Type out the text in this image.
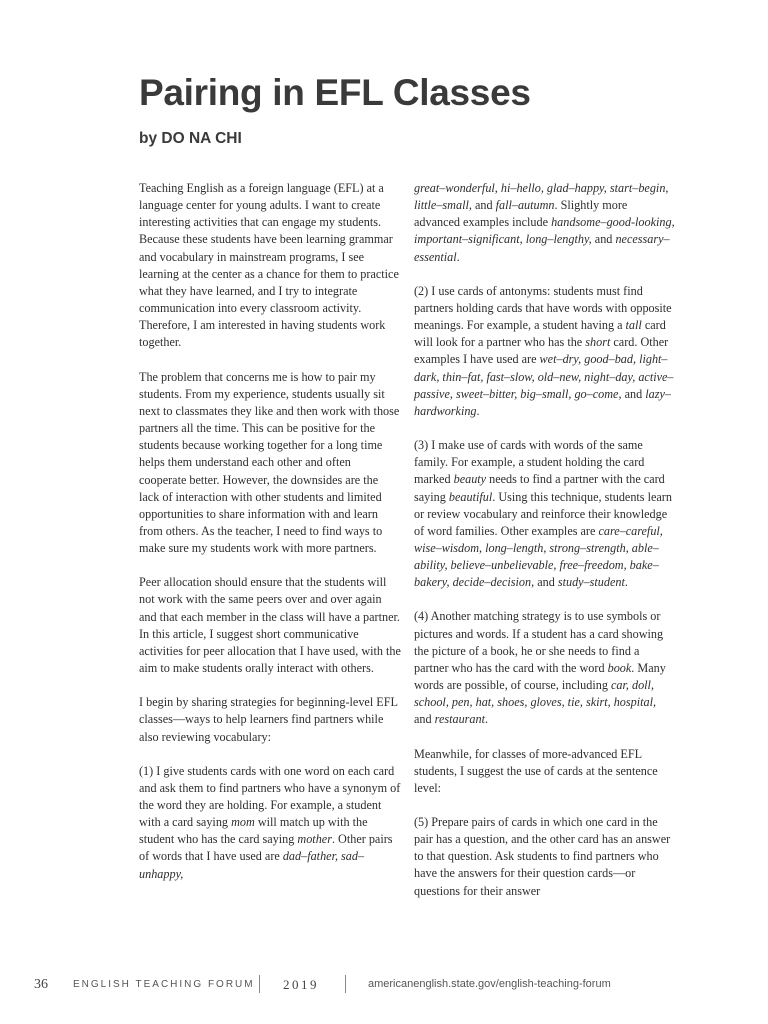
Pairing in EFL Classes
by DO NA CHI

Teaching English as a foreign language (EFL) at a language center for young adults. I want to create interesting activities that can engage my students. Because these students have been learning grammar and vocabulary in mainstream programs, I see learning at the center as a chance for them to practice what they have learned, and I try to integrate communication into every classroom activity. Therefore, I am interested in having students work together.

The problem that concerns me is how to pair my students. From my experience, students usually sit next to classmates they like and then work with those partners all the time. This can be positive for the students because working together for a long time helps them understand each other and often cooperate better. However, the downsides are the lack of interaction with other students and limited opportunities to share information with and learn from others. As the teacher, I need to find ways to make sure my students work with more partners.

Peer allocation should ensure that the students will not work with the same peers over and over again and that each member in the class will have a partner. In this article, I suggest short communicative activities for peer allocation that I have used, with the aim to make students orally interact with others.

I begin by sharing strategies for beginning-level EFL classes—ways to help learners find partners while also reviewing vocabulary:

(1) I give students cards with one word on each card and ask them to find partners who have a synonym of the word they are holding. For example, a student with a card saying mom will match up with the student who has the card saying mother. Other pairs of words that I have used are dad–father, sad–unhappy,

great–wonderful, hi–hello, glad–happy, start–begin, little–small, and fall–autumn. Slightly more advanced examples include handsome–good-looking, important–significant, long–lengthy, and necessary–essential.

(2) I use cards of antonyms: students must find partners holding cards that have words with opposite meanings. For example, a student having a tall card will look for a partner who has the short card. Other examples I have used are wet–dry, good–bad, light–dark, thin–fat, fast–slow, old–new, night–day, active–passive, sweet–bitter, big–small, go–come, and lazy–hardworking.

(3) I make use of cards with words of the same family. For example, a student holding the card marked beauty needs to find a partner with the card saying beautiful. Using this technique, students learn or review vocabulary and reinforce their knowledge of word families. Other examples are care–careful, wise–wisdom, long–length, strong–strength, able–ability, believe–unbelievable, free–freedom, bake–bakery, decide–decision, and study–student.

(4) Another matching strategy is to use symbols or pictures and words. If a student has a card showing the picture of a book, he or she needs to find a partner who has the card with the word book. Many words are possible, of course, including car, doll, school, pen, hat, shoes, gloves, tie, skirt, hospital, and restaurant.

Meanwhile, for classes of more-advanced EFL students, I suggest the use of cards at the sentence level:

(5) Prepare pairs of cards in which one card in the pair has a question, and the other card has an answer to that question. Ask students to find partners who have the answers for their question cards—or questions for their answer

36	ENGLISH TEACHING FORUM 2019	americanenglish.state.gov/english-teaching-forum
